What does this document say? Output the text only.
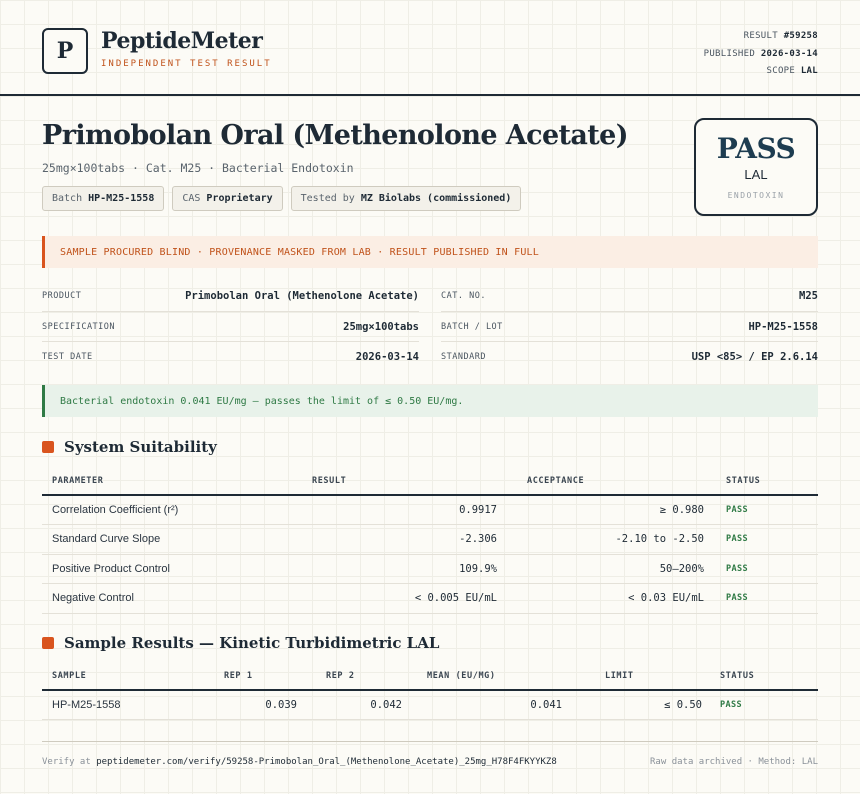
P	PeptideMeter
INDEPENDENT TEST RESULT
RESULT #59258
PUBLISHED 2026-03-14
SCOPE LAL
Primobolan Oral (Methenolone Acetate)
25mg×100tabs · Cat. M25 · Bacterial Endotoxin
Batch HP-M25-1558	CAS Proprietary	Tested by MZ Biolabs (commissioned)
PASS
LAL
ENDOTOXIN
SAMPLE PROCURED BLIND · PROVENANCE MASKED FROM LAB · RESULT PUBLISHED IN FULL
PRODUCT	Primobolan Oral (Methenolone Acetate)
SPECIFICATION	25mg×100tabs
TEST DATE	2026-03-14
CAT. NO.	M25
BATCH / LOT	HP-M25-1558
STANDARD	USP <85> / EP 2.6.14
Bacterial endotoxin 0.041 EU/mg — passes the limit of ≤ 0.50 EU/mg.
System Suitability
PARAMETER	RESULT	ACCEPTANCE	STATUS
Correlation Coefficient (r²)	0.9917	≥ 0.980	PASS
Standard Curve Slope	-2.306	-2.10 to -2.50	PASS
Positive Product Control	109.9%	50–200%	PASS
Negative Control	< 0.005 EU/mL	< 0.03 EU/mL	PASS
Sample Results — Kinetic Turbidimetric LAL
SAMPLE	REP 1	REP 2	MEAN (EU/MG)	LIMIT	STATUS
HP-M25-1558	0.039	0.042	0.041	≤ 0.50	PASS
Verify at peptidemeter.com/verify/59258-Primobolan_Oral_(Methenolone_Acetate)_25mg_H78F4FKYYKZ8	Raw data archived · Method: LAL
